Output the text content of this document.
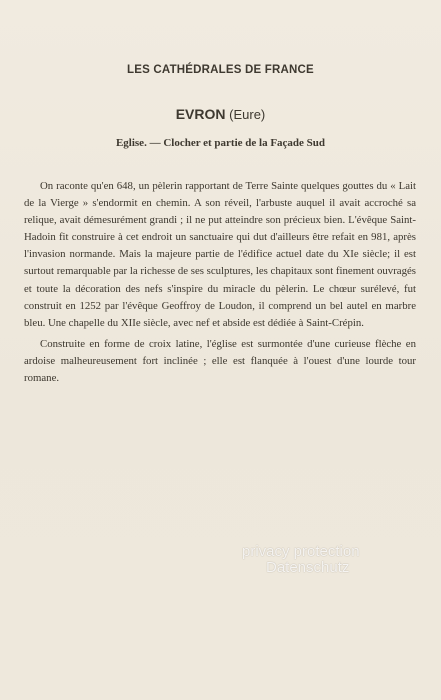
LES CATHÉDRALES DE FRANCE
EVRON (Eure)
Eglise. — Clocher et partie de la Façade Sud

On raconte qu'en 648, un pèlerin rapportant de Terre Sainte quelques gouttes du « Lait de la Vierge » s'endormit en chemin. A son réveil, l'arbuste auquel il avait accroché sa relique, avait démesurément grandi ; il ne put atteindre son précieux bien. L'évêque Saint-Hadoin fit construire à cet endroit un sanctuaire qui dut d'ailleurs être refait en 981, après l'invasion normande. Mais la majeure partie de l'édifice actuel date du XIe siècle; il est surtout remarquable par la richesse de ses sculptures, les chapitaux sont finement ouvragés et toute la décoration des nefs s'inspire du miracle du pèlerin. Le chœur surélevé, fut construit en 1252 par l'évêque Geoffroy de Loudon, il comprend un bel autel en marbre bleu. Une chapelle du XIIe siècle, avec nef et abside est dédiée à Saint-Crépin.

Construite en forme de croix latine, l'église est surmontée d'une curieuse flèche en ardoise malheureusement fort inclinée ; elle est flanquée à l'ouest d'une lourde tour romane.

privacy protection
Datenschutz
